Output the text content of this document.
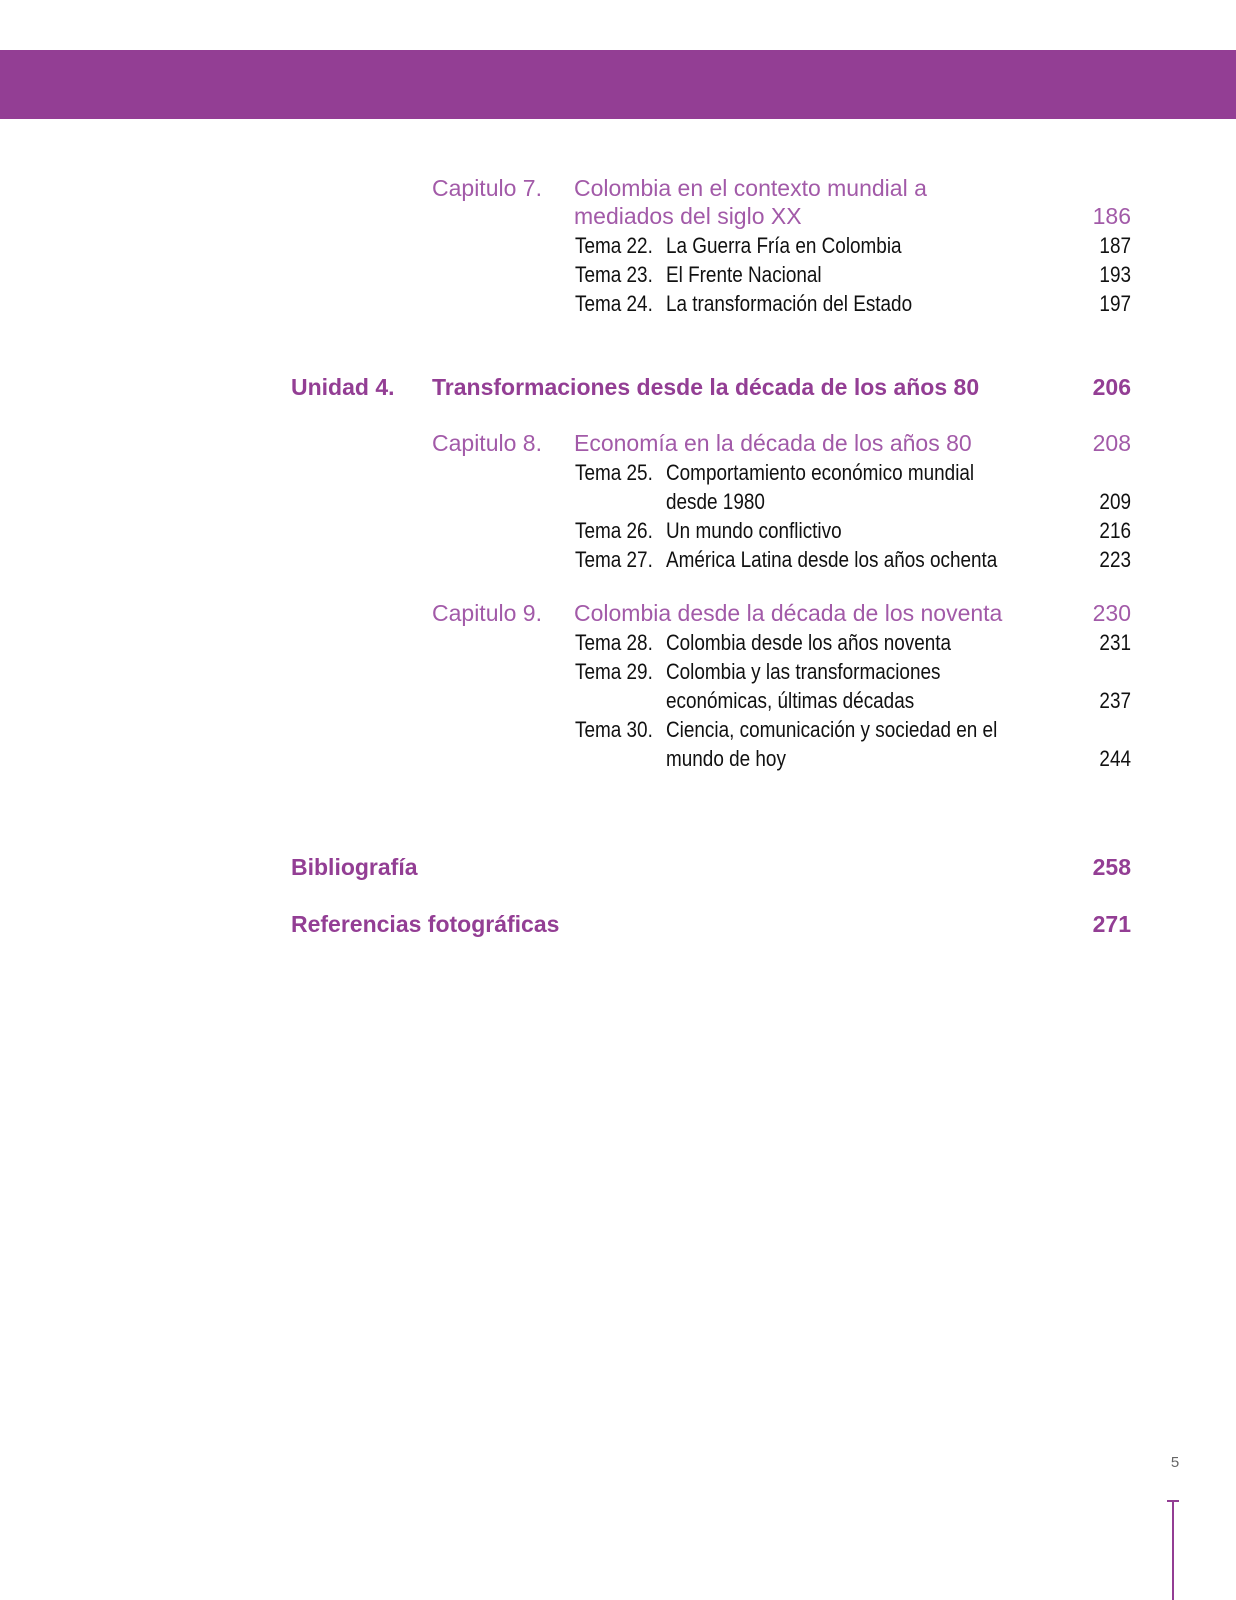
Capitulo 7. Colombia en el contexto mundial a
mediados del siglo XX	186
Tema 22. La Guerra Fría en Colombia	187
Tema 23. El Frente Nacional	193
Tema 24. La transformación del Estado	197
Unidad 4. Transformaciones desde la década de los años 80	206
Capitulo 8. Economía en la década de los años 80	208
Tema 25. Comportamiento económico mundial
desde 1980	209
Tema 26. Un mundo conflictivo	216
Tema 27. América Latina desde los años ochenta	223
Capitulo 9. Colombia desde la década de los noventa	230
Tema 28. Colombia desde los años noventa	231
Tema 29. Colombia y las transformaciones
económicas, últimas décadas	237
Tema 30. Ciencia, comunicación y sociedad en el
mundo de hoy	244
Bibliografía	258
Referencias fotográficas	271
5
